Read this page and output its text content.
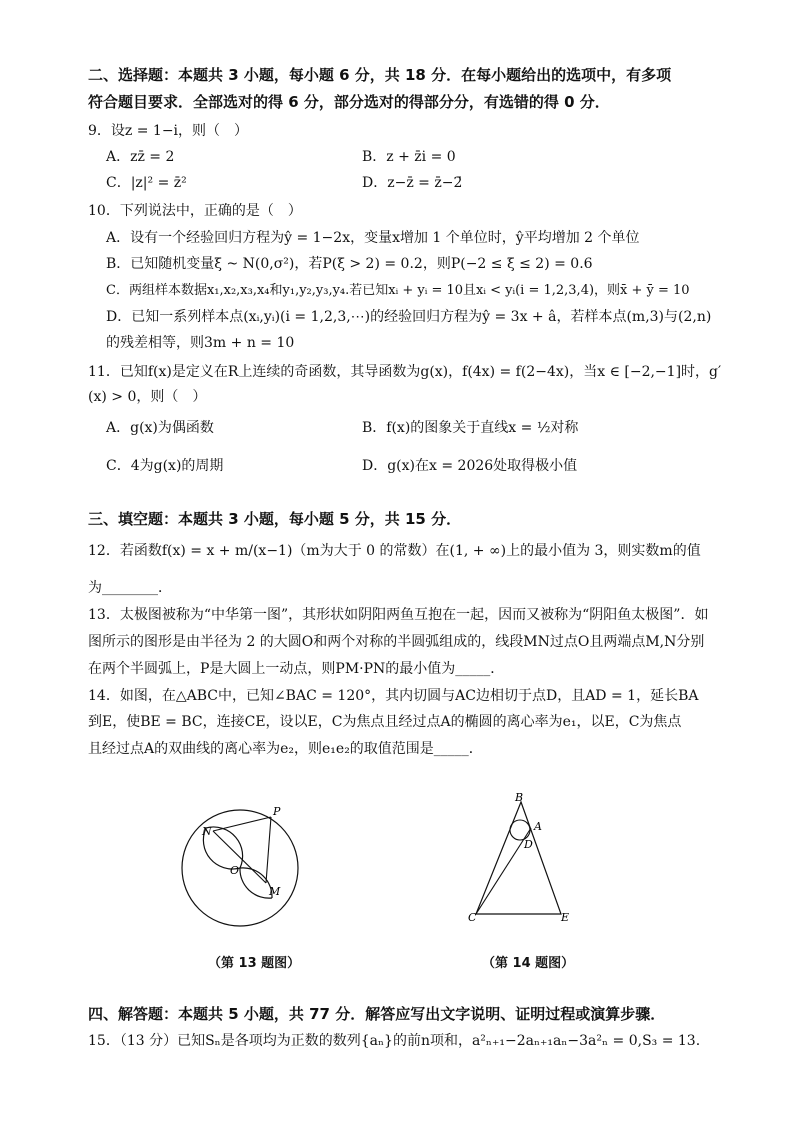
二、选择题：本题共 3 小题，每小题 6 分，共 18 分．在每小题给出的选项中，有多项
符合题目要求．全部选对的得 6 分，部分选对的得部分分，有选错的得 0 分．
9．设z = 1−i，则（　）
A．zz̄ = 2	B．z + z̄i = 0
C．|z|² = z̄²	D．z−z̄ = z̄−2̄
10．下列说法中，正确的是（　）
A．设有一个经验回归方程为ŷ = 1−2x，变量x增加 1 个单位时，ŷ平均增加 2 个单位
B．已知随机变量ξ ~ N(0,σ²)，若P(ξ > 2) = 0.2，则P(−2 ≤ ξ ≤ 2) = 0.6
C．两组样本数据x₁,x₂,x₃,x₄和y₁,y₂,y₃,y₄.若已知xᵢ + yᵢ = 10且xᵢ < yᵢ(i = 1,2,3,4)，则x̄ + ȳ = 10
D．已知一系列样本点(xᵢ,yᵢ)(i = 1,2,3,⋯)的经验回归方程为ŷ = 3x + â，若样本点(m,3)与(2,n)
的残差相等，则3m + n = 10
11．已知f(x)是定义在R上连续的奇函数，其导函数为g(x)，f(4x) = f(2−4x)，当x ∈ [−2,−1]时，g′
(x) > 0，则（　）
A．g(x)为偶函数	B．f(x)的图象关于直线x = ½对称
C．4为g(x)的周期	D．g(x)在x = 2026处取得极小值
三、填空题：本题共 3 小题，每小题 5 分，共 15 分．
12．若函数f(x) = x + m/(x−1)（m为大于 0 的常数）在(1, + ∞)上的最小值为 3，则实数m的值
为________．
13．太极图被称为“中华第一图”，其形状如阴阳两鱼互抱在一起，因而又被称为“阴阳鱼太极图”．如
图所示的图形是由半径为 2 的大圆O和两个对称的半圆弧组成的，线段MN过点O且两端点M,N分别
在两个半圆弧上，P是大圆上一动点，则PM·PN的最小值为_____．
14．如图，在△ABC中，已知∠BAC = 120°，其内切圆与AC边相切于点D，且AD = 1，延长BA
到E，使BE = BC，连接CE，设以E，C为焦点且经过点A的椭圆的离心率为e₁，以E，C为焦点
且经过点A的双曲线的离心率为e₂，则e₁e₂的取值范围是_____．
P
N
O
M
（第 13 题图）
B
A
D
C	E
（第 14 题图）
四、解答题：本题共 5 小题，共 77 分．解答应写出文字说明、证明过程或演算步骤．
15．（13 分）已知Sₙ是各项均为正数的数列{aₙ}的前n项和，a²ₙ₊₁−2aₙ₊₁aₙ−3a²ₙ = 0,S₃ = 13.
